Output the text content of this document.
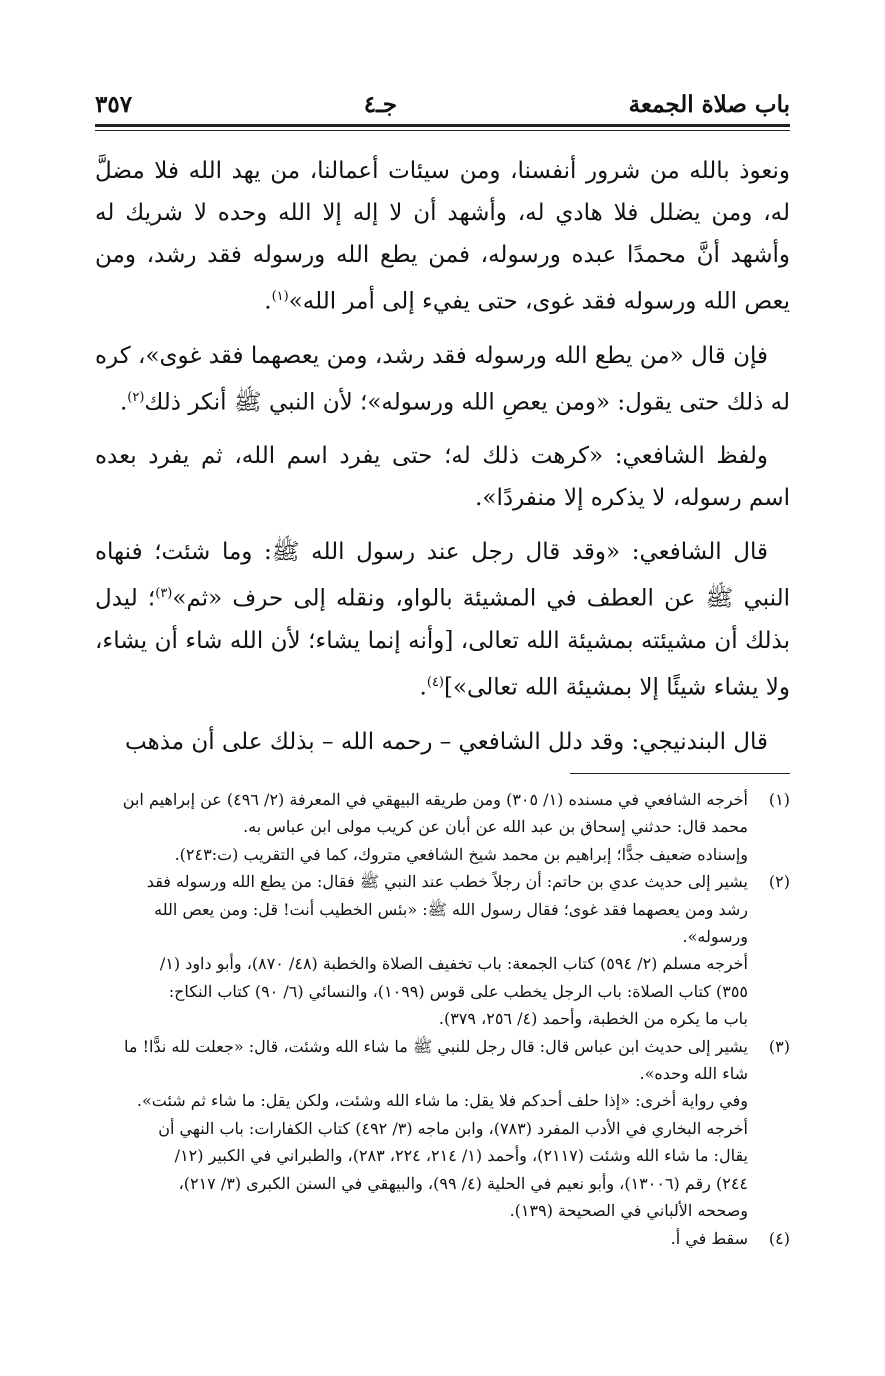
باب صلاة الجمعة
جـ٤
٣٥٧

ونعوذ بالله من شرور أنفسنا، ومن سيئات أعمالنا، من يهد الله فلا مضلَّ له، ومن يضلل فلا هادي له، وأشهد أن لا إله إلا الله وحده لا شريك له وأشهد أنَّ محمدًا عبده ورسوله، فمن يطع الله ورسوله فقد رشد، ومن يعص الله ورسوله فقد غوى، حتى يفيء إلى أمر الله»$^{(١)}$.

فإن قال «من يطع الله ورسوله فقد رشد، ومن يعصهما فقد غوى»، كره له ذلك حتى يقول: «ومن يعصِ الله ورسوله»؛ لأن النبي ﷺ أنكر ذلك$^{(٢)}$.

ولفظ الشافعي: «كرهت ذلك له؛ حتى يفرد اسم الله، ثم يفرد بعده اسم رسوله، لا يذكره إلا منفردًا».

قال الشافعي: «وقد قال رجل عند رسول الله ﷺ: وما شئت؛ فنهاه النبي ﷺ عن العطف في المشيئة بالواو، ونقله إلى حرف «ثم»$^{(٣)}$؛ ليدل بذلك أن مشيئته بمشيئة الله تعالى، [وأنه إنما يشاء؛ لأن الله شاء أن يشاء، ولا يشاء شيئًا إلا بمشيئة الله تعالى»]$^{(٤)}$.

قال البندنيجي: وقد دلل الشافعي – رحمه الله – بذلك على أن مذهب

(١)
أخرجه الشافعي في مسنده (١/ ٣٠٥) ومن طريقه البيهقي في المعرفة (٢/ ٤٩٦) عن إبراهيم ابن
محمد قال: حدثني إسحاق بن عبد الله عن أبان عن كريب مولى ابن عباس به.
وإسناده ضعيف جدًّا؛ إبراهيم بن محمد شيخ الشافعي متروك، كما في التقريب (ت:٢٤٣).
(٢)
يشير إلى حديث عدي بن حاتم: أن رجلاً خطب عند النبي ﷺ فقال: من يطع الله ورسوله فقد
رشد ومن يعصهما فقد غوى؛ فقال رسول الله ﷺ: «بئس الخطيب أنت! قل: ومن يعص الله
ورسوله».
أخرجه مسلم (٢/ ٥٩٤) كتاب الجمعة: باب تخفيف الصلاة والخطبة (٤٨/ ٨٧٠)، وأبو داود (١/
٣٥٥) كتاب الصلاة: باب الرجل يخطب على قوس (١٠٩٩)، والنسائي (٦/ ٩٠) كتاب النكاح:
باب ما يكره من الخطبة، وأحمد (٤/ ٢٥٦، ٣٧٩).
(٣)
يشير إلى حديث ابن عباس قال: قال رجل للنبي ﷺ ما شاء الله وشئت، قال: «جعلت لله ندًّا! ما
شاء الله وحده».
وفي رواية أخرى: «إذا حلف أحدكم فلا يقل: ما شاء الله وشئت، ولكن يقل: ما شاء ثم شئت».
أخرجه البخاري في الأدب المفرد (٧٨٣)، وابن ماجه (٣/ ٤٩٢) كتاب الكفارات: باب النهي أن
يقال: ما شاء الله وشئت (٢١١٧)، وأحمد (١/ ٢١٤، ٢٢٤، ٢٨٣)، والطبراني في الكبير (١٢/
٢٤٤) رقم (١٣٠٠٦)، وأبو نعيم في الحلية (٤/ ٩٩)، والبيهقي في السنن الكبرى (٣/ ٢١٧)،
وصححه الألباني في الصحيحة (١٣٩).
(٤)
سقط في أ.
